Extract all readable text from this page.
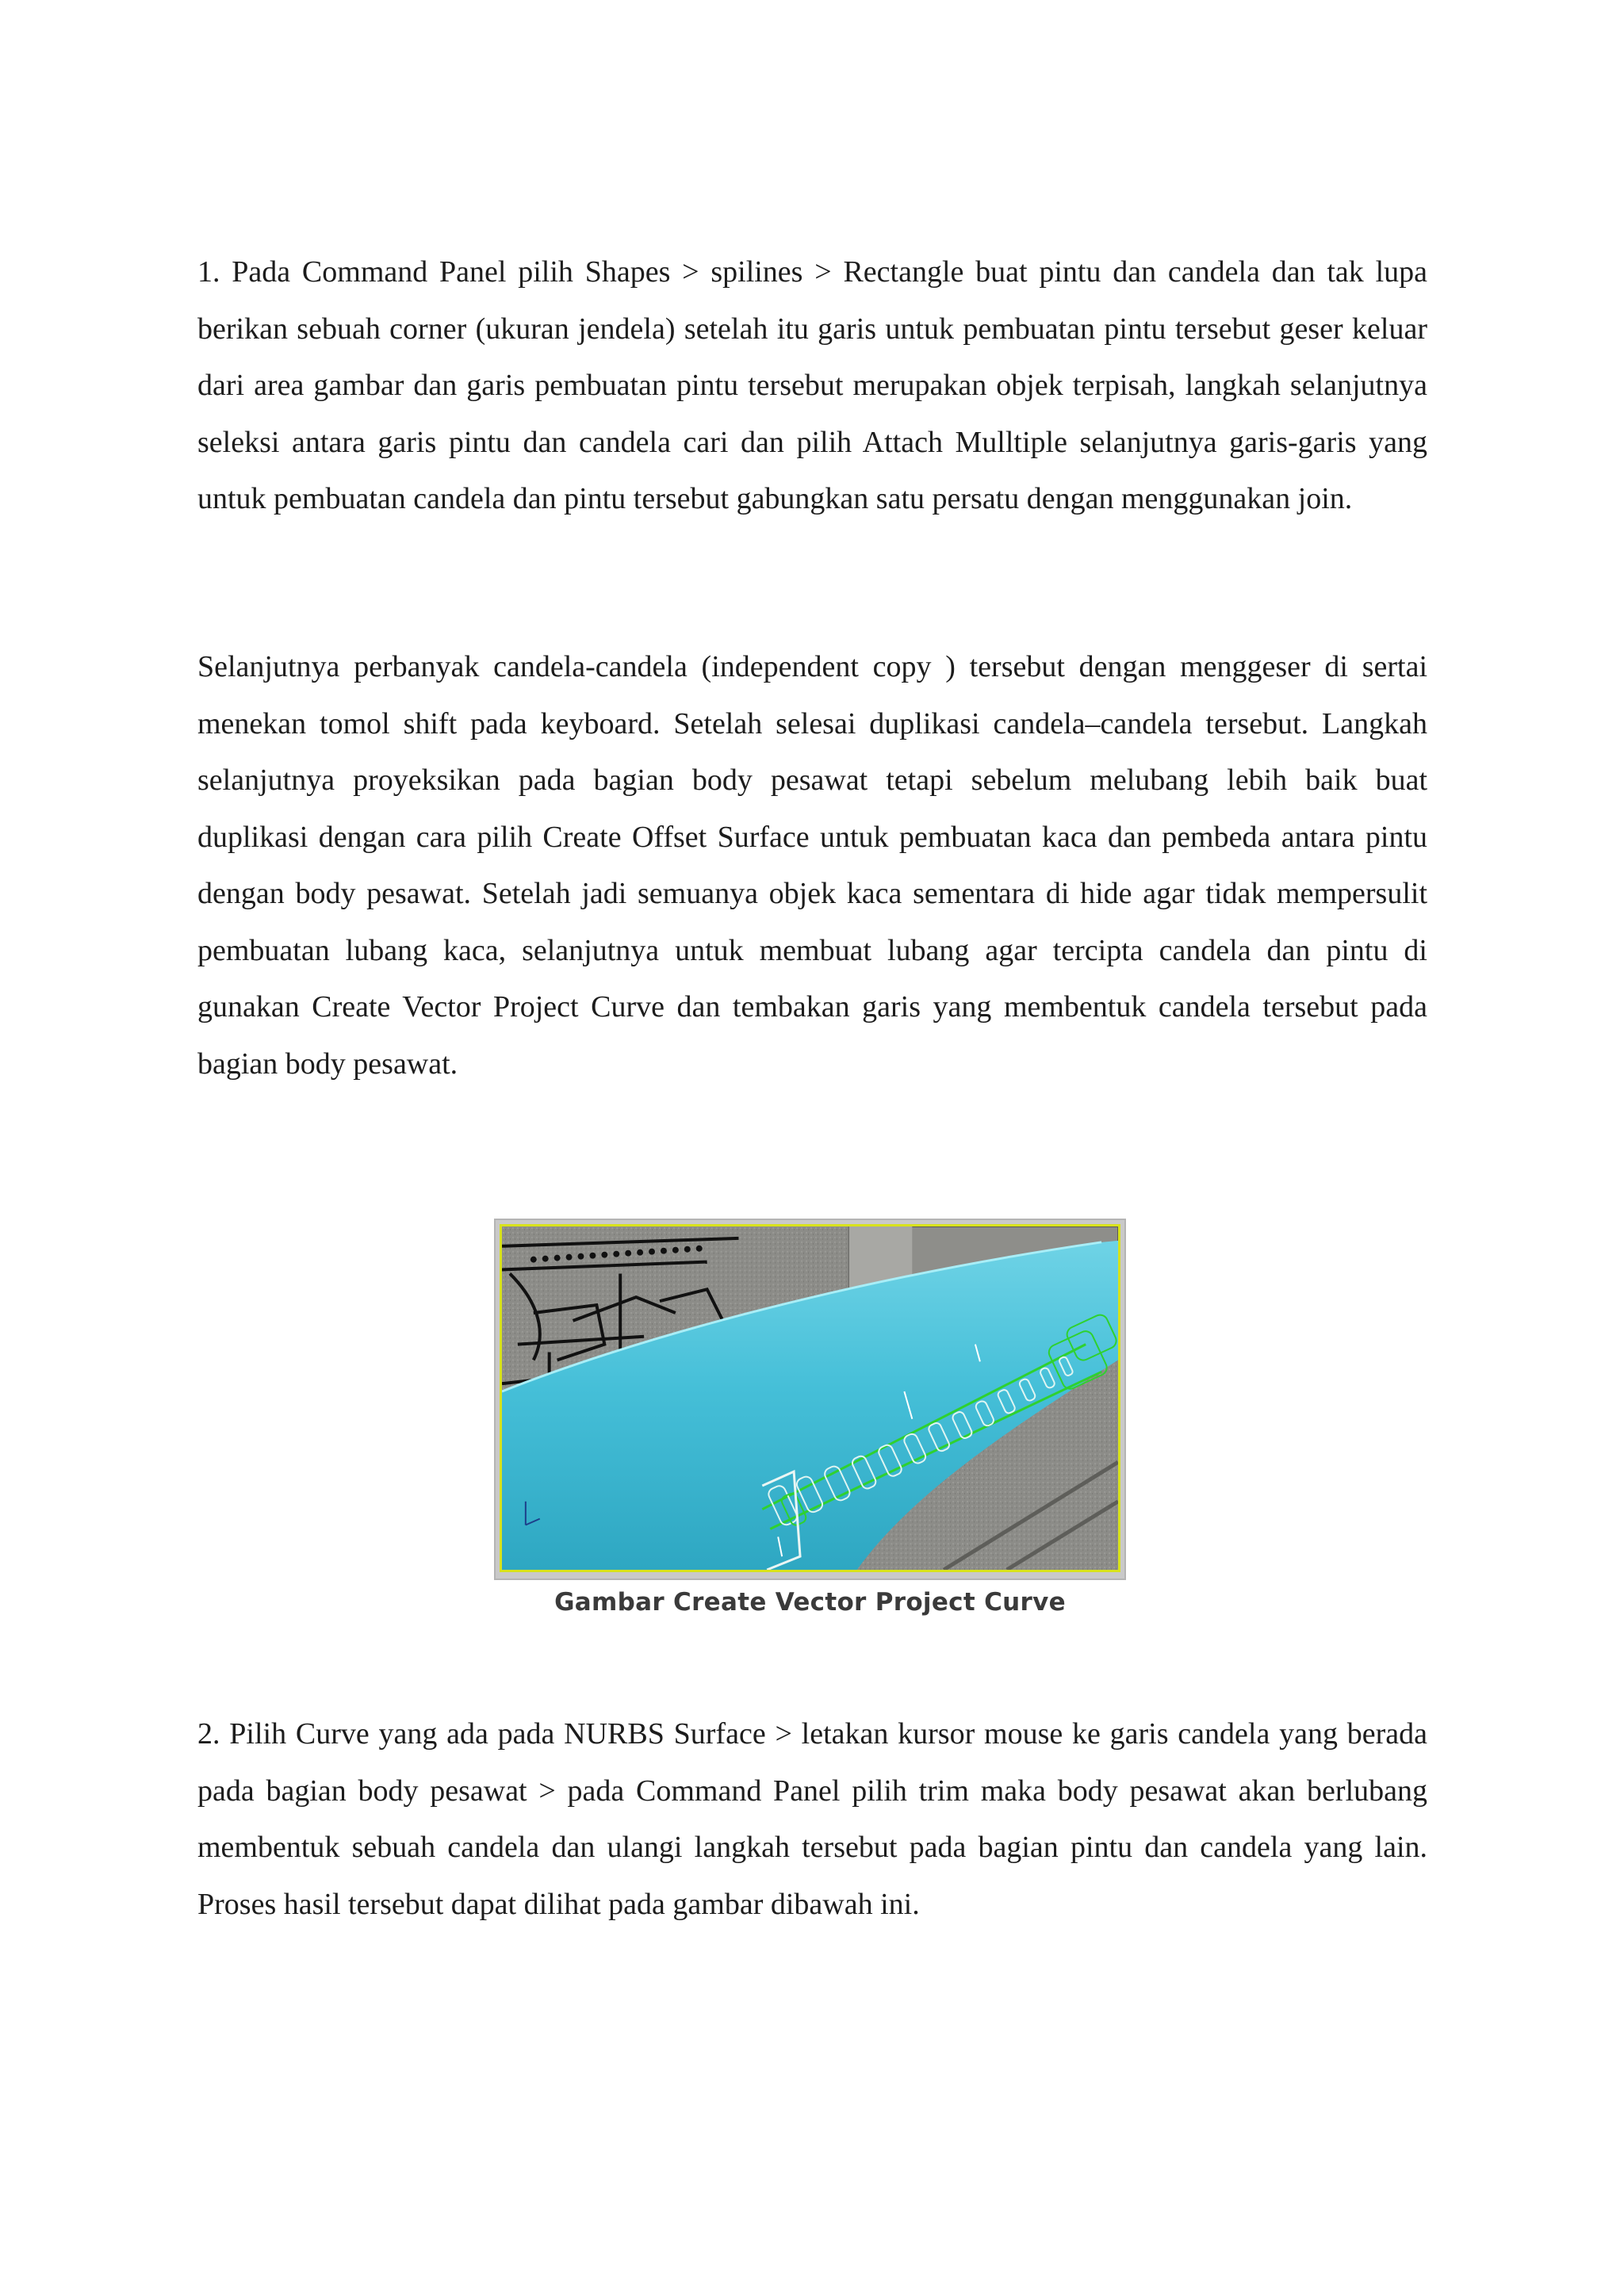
1. Pada Command Panel pilih Shapes > spilines > Rectangle buat pintu dan candela dan tak lupa berikan sebuah corner (ukuran jendela) setelah itu garis untuk pembuatan pintu tersebut geser keluar dari area gambar dan garis pembuatan pintu tersebut merupakan objek terpisah, langkah selanjutnya seleksi antara garis pintu dan candela cari dan pilih Attach Mulltiple selanjutnya garis-garis yang untuk pembuatan candela dan pintu tersebut gabungkan satu persatu dengan menggunakan join.

Selanjutnya perbanyak candela-candela (independent copy ) tersebut dengan menggeser di sertai menekan tomol shift pada keyboard. Setelah selesai duplikasi candela–candela tersebut. Langkah selanjutnya proyeksikan pada bagian body pesawat tetapi sebelum melubang lebih baik buat duplikasi dengan cara pilih Create Offset Surface untuk pembuatan kaca dan pembeda antara pintu dengan body pesawat. Setelah jadi semuanya objek kaca sementara di hide agar tidak mempersulit pembuatan lubang kaca, selanjutnya untuk membuat lubang agar tercipta candela dan pintu di gunakan Create Vector Project Curve dan tembakan garis yang membentuk candela tersebut pada bagian body pesawat.

Gambar Create Vector Project Curve

2. Pilih Curve yang ada pada NURBS Surface > letakan kursor mouse ke garis candela yang berada pada bagian body pesawat > pada Command Panel pilih trim maka body pesawat akan berlubang membentuk sebuah candela dan ulangi langkah tersebut pada bagian pintu dan candela yang lain. Proses hasil tersebut dapat dilihat pada gambar dibawah ini.
